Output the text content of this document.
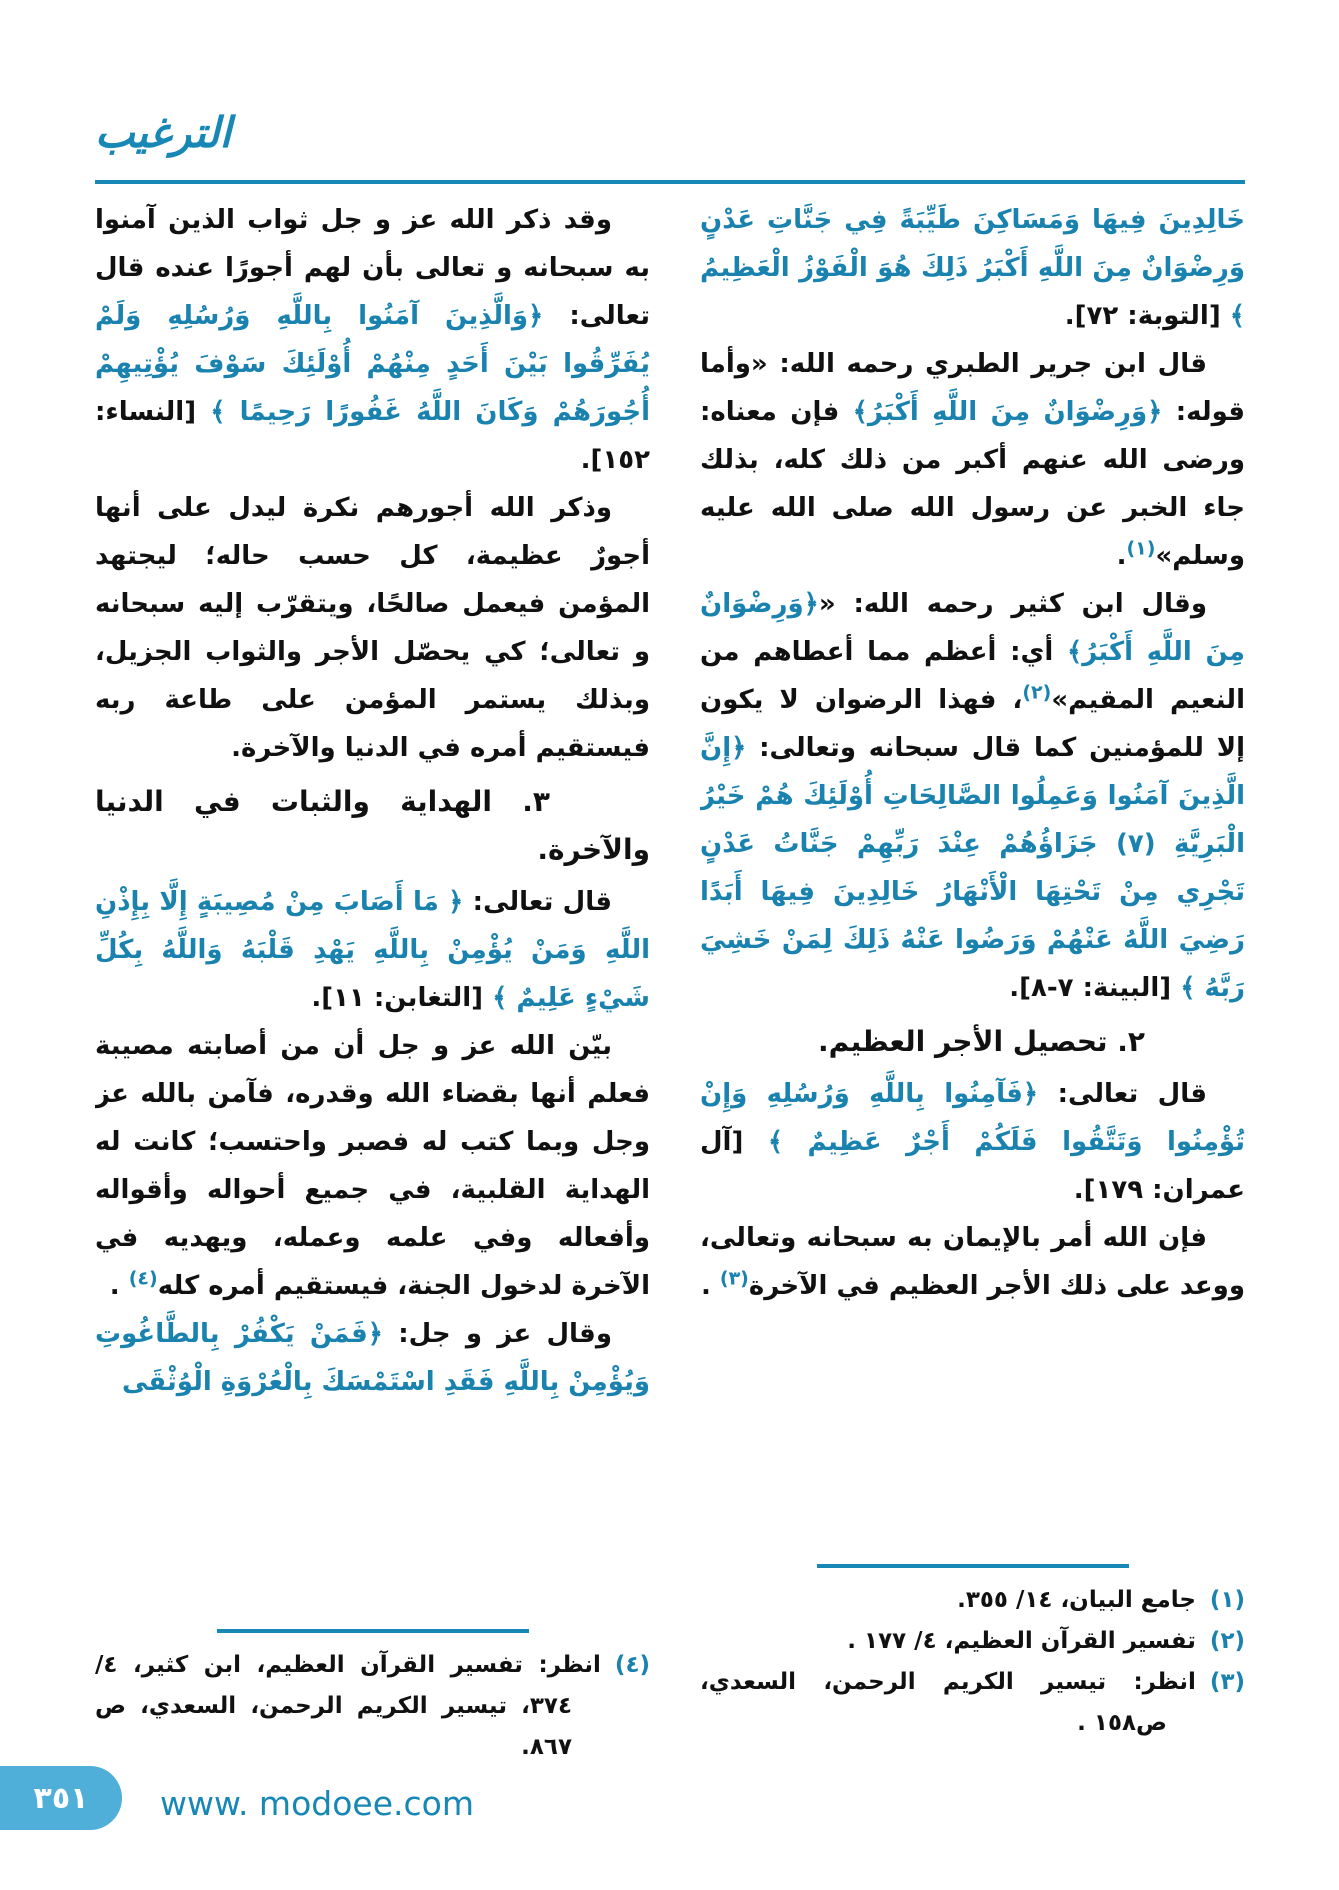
الترغيب

خَالِدِينَ فِيهَا وَمَسَاكِنَ طَيِّبَةً فِي جَنَّاتِ عَدْنٍ وَرِضْوَانٌ مِنَ اللَّهِ أَكْبَرُ ذَلِكَ هُوَ الْفَوْزُ الْعَظِيمُ ﴾ [التوبة: ٧٢].

قال ابن جرير الطبري رحمه الله: «وأما قوله: ﴿وَرِضْوَانٌ مِنَ اللَّهِ أَكْبَرُ﴾ فإن معناه: ورضى الله عنهم أكبر من ذلك كله، بذلك جاء الخبر عن رسول الله صلى الله عليه وسلم»$^{(١)}$.

وقال ابن كثير رحمه الله: «﴿وَرِضْوَانٌ مِنَ اللَّهِ أَكْبَرُ﴾ أي: أعظم مما أعطاهم من النعيم المقيم»$^{(٢)}$، فهذا الرضوان لا يكون إلا للمؤمنين كما قال سبحانه وتعالى: ﴿إِنَّ الَّذِينَ آمَنُوا وَعَمِلُوا الصَّالِحَاتِ أُوْلَئِكَ هُمْ خَيْرُ الْبَرِيَّةِ (٧) جَزَاؤُهُمْ عِنْدَ رَبِّهِمْ جَنَّاتُ عَدْنٍ تَجْرِي مِنْ تَحْتِهَا الْأَنْهَارُ خَالِدِينَ فِيهَا أَبَدًا رَضِيَ اللَّهُ عَنْهُمْ وَرَضُوا عَنْهُ ذَلِكَ لِمَنْ خَشِيَ رَبَّهُ ﴾ [البينة: ٧-٨].

٢. تحصيل الأجر العظيم.

قال تعالى: ﴿فَآمِنُوا بِاللَّهِ وَرُسُلِهِ وَإِنْ تُؤْمِنُوا وَتَتَّقُوا فَلَكُمْ أَجْرٌ عَظِيمٌ ﴾ [آل عمران: ١٧٩].

فإن الله أمر بالإيمان به سبحانه وتعالى، ووعد على ذلك الأجر العظيم في الآخرة$^{(٣)}$ .

(١)جامع البيان، ١٤/ ٣٥٥.

(٢)تفسير القرآن العظيم، ٤/ ١٧٧ .

(٣)انظر: تيسير الكريم الرحمن، السعدي، ص١٥٨ .

وقد ذكر الله عز و جل ثواب الذين آمنوا به سبحانه و تعالى بأن لهم أجورًا عنده قال تعالى: ﴿وَالَّذِينَ آمَنُوا بِاللَّهِ وَرُسُلِهِ وَلَمْ يُفَرِّقُوا بَيْنَ أَحَدٍ مِنْهُمْ أُوْلَئِكَ سَوْفَ يُؤْتِيهِمْ أُجُورَهُمْ وَكَانَ اللَّهُ غَفُورًا رَحِيمًا ﴾ [النساء: ١٥٢].

وذكر الله أجورهم نكرة ليدل على أنها أجورٌ عظيمة، كل حسب حاله؛ ليجتهد المؤمن فيعمل صالحًا، ويتقرّب إليه سبحانه و تعالى؛ كي يحصّل الأجر والثواب الجزيل، وبذلك يستمر المؤمن على طاعة ربه فيستقيم أمره في الدنيا والآخرة.

٣. الهداية والثبات في الدنيا والآخرة.

قال تعالى: ﴿ مَا أَصَابَ مِنْ مُصِيبَةٍ إِلَّا بِإِذْنِ اللَّهِ وَمَنْ يُؤْمِنْ بِاللَّهِ يَهْدِ قَلْبَهُ وَاللَّهُ بِكُلِّ شَيْءٍ عَلِيمٌ ﴾ [التغابن: ١١].

بيّن الله عز و جل أن من أصابته مصيبة فعلم أنها بقضاء الله وقدره، فآمن بالله عز وجل وبما كتب له فصبر واحتسب؛ كانت له الهداية القلبية، في جميع أحواله وأقواله وأفعاله وفي علمه وعمله، ويهديه في الآخرة لدخول الجنة، فيستقيم أمره كله$^{(٤)}$ .

وقال عز و جل: ﴿فَمَنْ يَكْفُرْ بِالطَّاغُوتِ وَيُؤْمِنْ بِاللَّهِ فَقَدِ اسْتَمْسَكَ بِالْعُرْوَةِ الْوُثْقَى

(٤)انظر: تفسير القرآن العظيم، ابن كثير، ٤/ ٣٧٤، تيسير الكريم الرحمن، السعدي، ص ٨٦٧.

٣٥١ www. modoee.com
